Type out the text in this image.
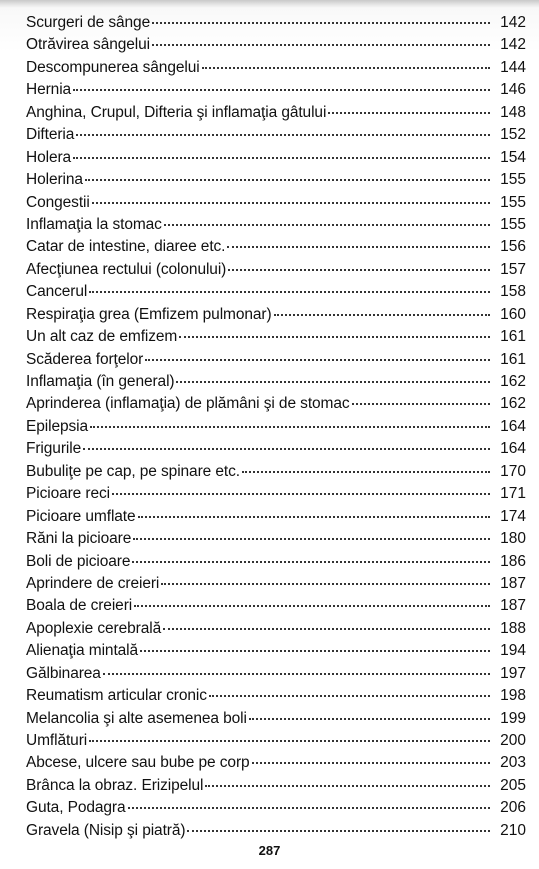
Scurgeri de sânge	142
Otrăvirea sângelui	142
Descompunerea sângelui	144
Hernia	146
Anghina, Crupul, Difteria şi inflamaţia gâtului	148
Difteria	152
Holera	154
Holerina	155
Congestii	155
Inflamaţia la stomac	155
Catar de intestine, diaree etc.	156
Afecţiunea rectului (colonului)	157
Cancerul	158
Respiraţia grea (Emfizem pulmonar)	160
Un alt caz de emfizem	161
Scăderea forţelor	161
Inflamaţia (în general)	162
Aprinderea (inflamaţia) de plămâni şi de stomac	162
Epilepsia	164
Frigurile	164
Bubuliţe pe cap, pe spinare etc.	170
Picioare reci	171
Picioare umflate	174
Răni la picioare	180
Boli de picioare	186
Aprindere de creieri	187
Boala de creieri	187
Apoplexie cerebrală	188
Alienaţia mintală	194
Gălbinarea	197
Reumatism articular cronic	198
Melancolia şi alte asemenea boli	199
Umflături	200
Abcese, ulcere sau bube pe corp	203
Brânca la obraz. Erizipelul	205
Guta, Podagra	206
Gravela (Nisip şi piatră)	210
287
